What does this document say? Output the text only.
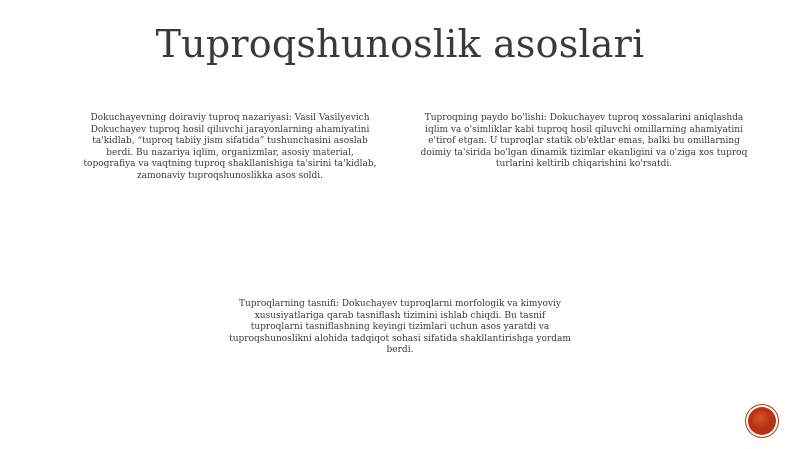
Tuproqshunoslik asoslari

Dokuchayevning doiraviy tuproq nazariyasi: Vasil Vasilyevich Dokuchayev tuproq hosil qiluvchi jarayonlarning ahamiyatini ta'kidlab, “tuproq tabiiy jism sifatida” tushunchasini asoslab berdi. Bu nazariya iqlim, organizmlar, asosiy material, topografiya va vaqtning tuproq shakllanishiga ta'sirini ta'kidlab, zamonaviy tuproqshunoslikka asos soldi.

Tuproqning paydo bo'lishi: Dokuchayev tuproq xossalarini aniqlashda iqlim va o'simliklar kabi tuproq hosil qiluvchi omillarning ahamiyatini e'tirof etgan. U tuproqlar statik ob'ektlar emas, balki bu omillarning doimiy ta'sirida bo'lgan dinamik tizimlar ekanligini va o'ziga xos tuproq turlarini keltirib chiqarishini ko'rsatdi.

Tuproqlarning tasnifi: Dokuchayev tuproqlarni morfologik va kimyoviy xususiyatlariga qarab tasniflash tizimini ishlab chiqdi. Bu tasnif tuproqlarni tasniflashning keyingi tizimlari uchun asos yaratdi va tuproqshunoslikni alohida tadqiqot sohasi sifatida shakllantirishga yordam berdi.
